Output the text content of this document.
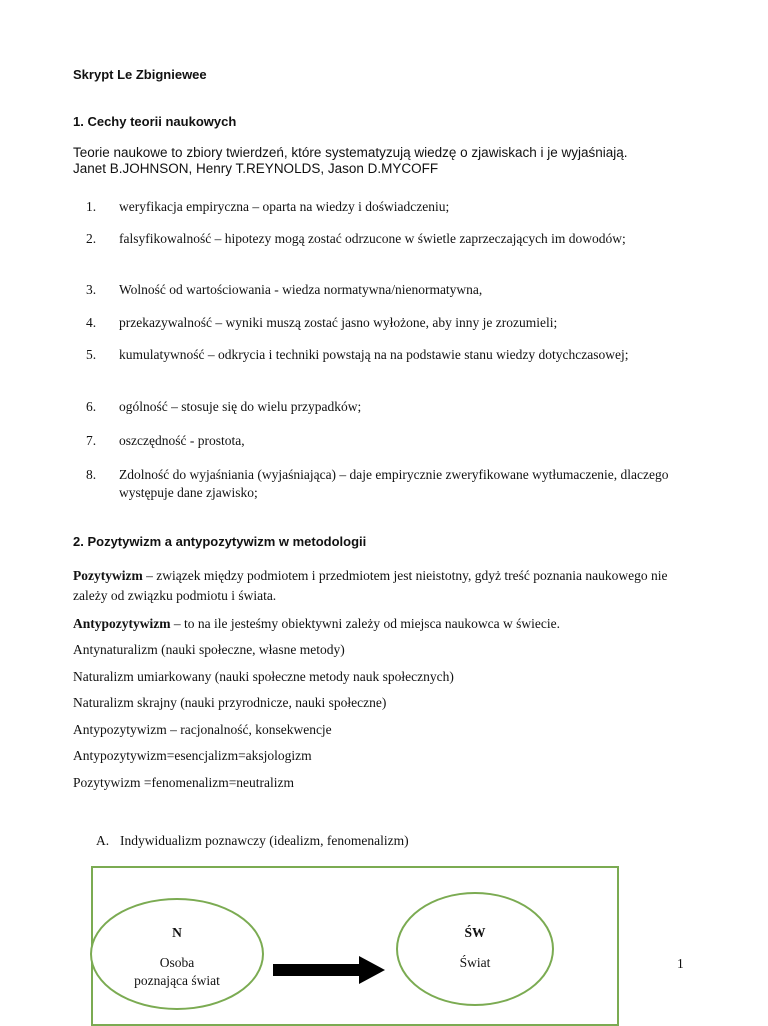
Skrypt Le Zbigniewee
1. Cechy teorii naukowych

Teorie naukowe to zbiory twierdzeń, które systematyzują wiedzę o zjawiskach i je wyjaśniają.
Janet B.JOHNSON, Henry T.REYNOLDS, Jason D.MYCOFF

1. weryfikacja empiryczna – oparta na wiedzy i doświadczeniu;
2. falsyfikowalność – hipotezy mogą zostać odrzucone w świetle zaprzeczających im dowodów;
3. Wolność od wartościowania - wiedza normatywna/nienormatywna,
4. przekazywalność – wyniki muszą zostać jasno wyłożone, aby inny je zrozumieli;
5. kumulatywność – odkrycia i techniki powstają na na podstawie stanu wiedzy dotychczasowej;
6. ogólność – stosuje się do wielu przypadków;
7. oszczędność - prostota,
8. Zdolność do wyjaśniania (wyjaśniająca) – daje empirycznie zweryfikowane wytłumaczenie, dlaczego występuje dane zjawisko;
2. Pozytywizm a antypozytywizm w metodologii

Pozytywizm – związek między podmiotem i przedmiotem jest nieistotny, gdyż treść poznania naukowego nie zależy od związku podmiotu i świata.

Antypozytywizm – to na ile jesteśmy obiektywni zależy od miejsca naukowca w świecie.

Antynaturalizm (nauki społeczne, własne metody)

Naturalizm umiarkowany (nauki społeczne metody nauk społecznych)

Naturalizm skrajny (nauki przyrodnicze, nauki społeczne)

Antypozytywizm – racjonalność, konsekwencje

Antypozytywizm=esencjalizm=aksjologizm

Pozytywizm =fenomenalizm=neutralizm

A. Indywidualizm poznawczy (idealizm, fenomenalizm)
N
Osoba
poznająca świat
ŚW
Świat	1
